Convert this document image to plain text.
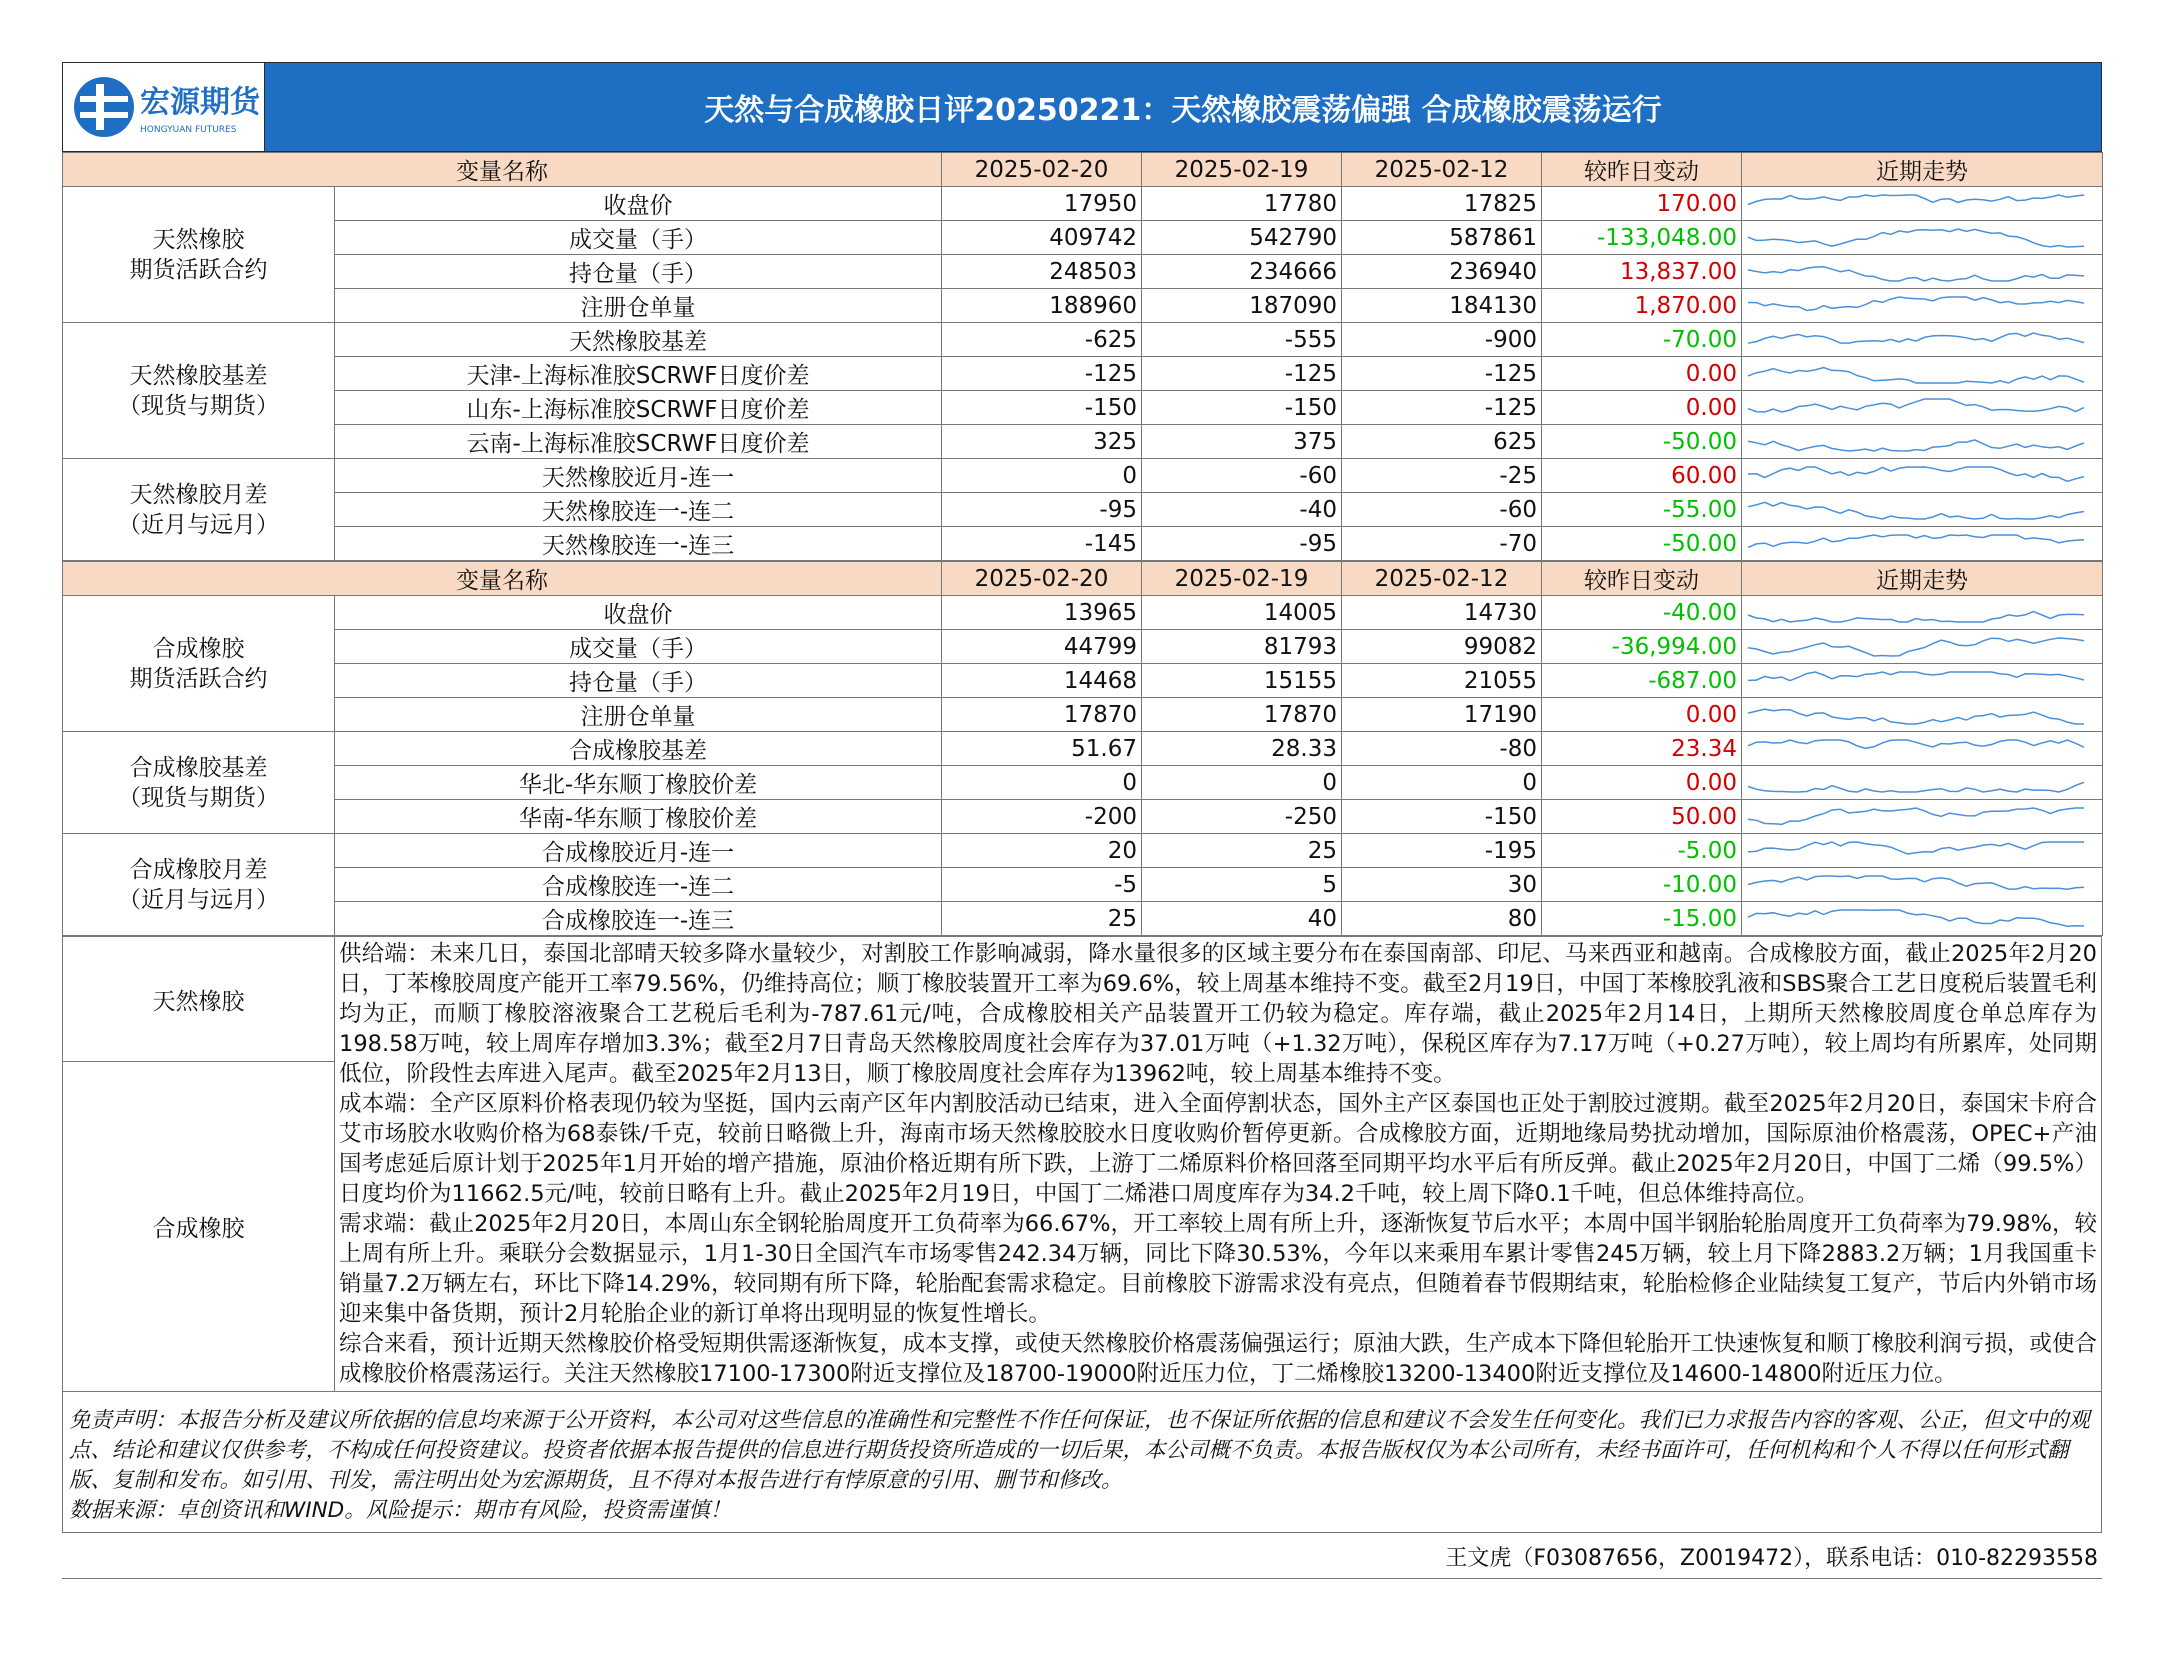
宏源期货
HONGYUAN FUTURES
天然与合成橡胶日评20250221：天然橡胶震荡偏强 合成橡胶震荡运行
变量名称		2025-02-20	2025-02-19	2025-02-12	较昨日变动	近期走势

天然橡胶
期货活跃合约	收盘价	17950	17780	17825	170.00	

	成交量（手）	409742	542790	587861	-133,048.00	

	持仓量（手）	248503	234666	236940	13,837.00	

	注册仓单量	188960	187090	184130	1,870.00	

天然橡胶基差
（现货与期货）	天然橡胶基差	-625	-555	-900	-70.00	

	天津-上海标准胶SCRWF日度价差	-125	-125	-125	0.00	

	山东-上海标准胶SCRWF日度价差	-150	-150	-125	0.00	

	云南-上海标准胶SCRWF日度价差	325	375	625	-50.00	

天然橡胶月差
（近月与远月）	天然橡胶近月-连一	0	-60	-25	60.00	

	天然橡胶连一-连二	-95	-40	-60	-55.00	

	天然橡胶连一-连三	-145	-95	-70	-50.00	
变量名称		2025-02-20	2025-02-19	2025-02-12	较昨日变动	近期走势

合成橡胶
期货活跃合约	收盘价	13965	14005	14730	-40.00	

	成交量（手）	44799	81793	99082	-36,994.00	

	持仓量（手）	14468	15155	21055	-687.00	

	注册仓单量	17870	17870	17190	0.00	

合成橡胶基差
（现货与期货）	合成橡胶基差	51.67	28.33	-80	23.34	

	华北-华东顺丁橡胶价差	0	0	0	0.00	

	华南-华东顺丁橡胶价差	-200	-250	-150	50.00	

合成橡胶月差
（近月与远月）	合成橡胶近月-连一	20	25	-195	-5.00	

	合成橡胶连一-连二	-5	5	30	-10.00	

	合成橡胶连一-连三	25	40	80	-15.00	
天然橡胶	

供给端：未来几日，泰国北部晴天较多降水量较少，对割胶工作影响减弱，降水量很多的区域主要分布在泰国南部、印尼、马来西亚和越南。合成橡胶方面，截止2025年2月20日，丁苯橡胶周度产能开工率79.56%，仍维持高位；顺丁橡胶装置开工率为69.6%，较上周基本维持不变。截至2月19日，中国丁苯橡胶乳液和SBS聚合工艺日度税后装置毛利均为正，而顺丁橡胶溶液聚合工艺税后毛利为-787.61元/吨，合成橡胶相关产品装置开工仍较为稳定。库存端，截止2025年2月14日，上期所天然橡胶周度仓单总库存为198.58万吨，较上周库存增加3.3%；截至2月7日青岛天然橡胶周度社会库存为37.01万吨（+1.32万吨），保税区库存为7.17万吨（+0.27万吨），较上周均有所累库，处同期低位，阶段性去库进入尾声。截至2025年2月13日，顺丁橡胶周度社会库存为13962吨，较上周基本维持不变。

成本端：全产区原料价格表现仍较为坚挺，国内云南产区年内割胶活动已结束，进入全面停割状态，国外主产区泰国也正处于割胶过渡期。截至2025年2月20日，泰国宋卡府合艾市场胶水收购价格为68泰铢/千克，较前日略微上升，海南市场天然橡胶胶水日度收购价暂停更新。合成橡胶方面，近期地缘局势扰动增加，国际原油价格震荡，OPEC+产油国考虑延后原计划于2025年1月开始的增产措施，原油价格近期有所下跌，上游丁二烯原料价格回落至同期平均水平后有所反弹。截止2025年2月20日，中国丁二烯（99.5%）日度均价为11662.5元/吨，较前日略有上升。截止2025年2月19日，中国丁二烯港口周度库存为34.2千吨，较上周下降0.1千吨，但总体维持高位。

需求端：截止2025年2月20日，本周山东全钢轮胎周度开工负荷率为66.67%，开工率较上周有所上升，逐渐恢复节后水平；本周中国半钢胎轮胎周度开工负荷率为79.98%，较上周有所上升。乘联分会数据显示，1月1-30日全国汽车市场零售242.34万辆，同比下降30.53%，今年以来乘用车累计零售245万辆，较上月下降2883.2万辆；1月我国重卡销量7.2万辆左右，环比下降14.29%，较同期有所下降，轮胎配套需求稳定。目前橡胶下游需求没有亮点，但随着春节假期结束，轮胎检修企业陆续复工复产，节后内外销市场迎来集中备货期，预计2月轮胎企业的新订单将出现明显的恢复性增长。

综合来看，预计近期天然橡胶价格受短期供需逐渐恢复，成本支撑，或使天然橡胶价格震荡偏强运行；原油大跌，生产成本下降但轮胎开工快速恢复和顺丁橡胶利润亏损，或使合成橡胶价格震荡运行。关注天然橡胶17100-17300附近支撑位及18700-19000附近压力位，丁二烯橡胶13200-13400附近支撑位及14600-14800附近压力位。

合成橡胶
免责声明：本报告分析及建议所依据的信息均来源于公开资料，本公司对这些信息的准确性和完整性不作任何保证，也不保证所依据的信息和建议不会发生任何变化。我们已力求报告内容的客观、公正，但文中的观点、结论和建议仅供参考，不构成任何投资建议。投资者依据本报告提供的信息进行期货投资所造成的一切后果，本公司概不负责。本报告版权仅为本公司所有，未经书面许可，任何机构和个人不得以任何形式翻版、复制和发布。如引用、刊发，需注明出处为宏源期货，且不得对本报告进行有悖原意的引用、删节和修改。
数据来源：卓创资讯和WIND。风险提示：期市有风险，投资需谨慎！
王文虎（F03087656，Z0019472），联系电话：010-82293558
